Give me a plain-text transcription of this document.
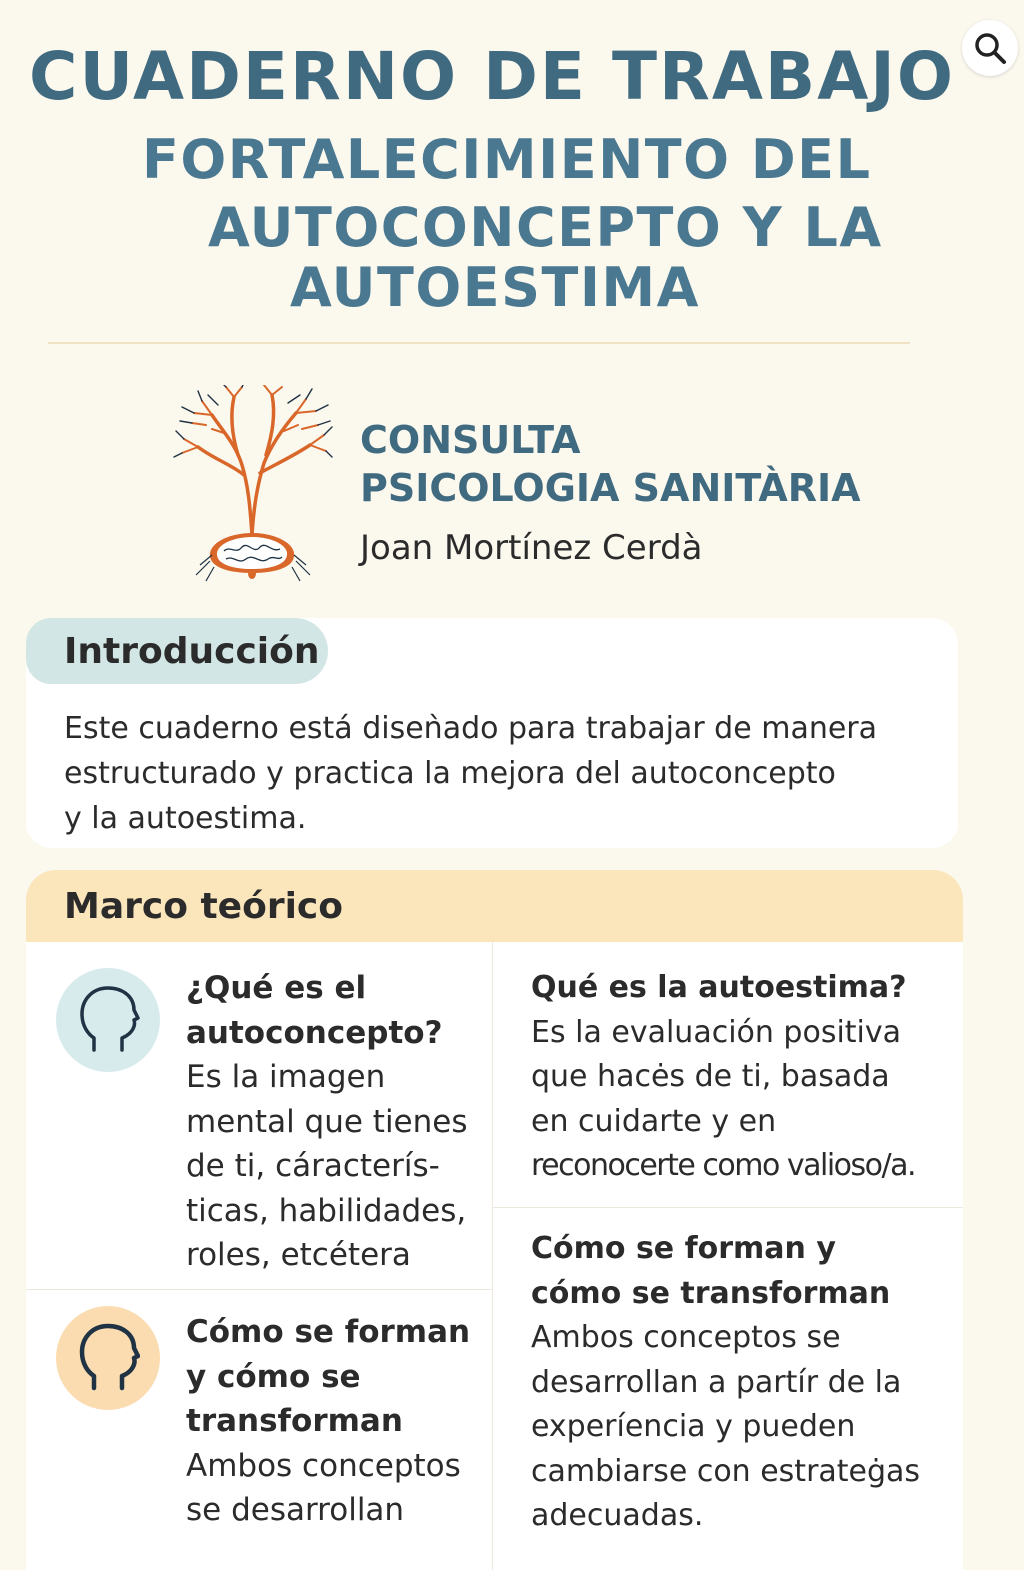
CUADERNO DE TRABAJO

FORTALECIMIENTO DEL

AUTOCONCEPTO Y LA

AUTOESTIMA

CONSULTA

PSICOLOGIA SANITÀRIA

Joan Mortínez Cerdà

Introducción

Este cuaderno está diseǹado para trabajar de manera
estructurado y practica la mejora del autoconcepto
y la autoestima.

Marco teórico
¿Qué es el
autoconcepto?
Es la imagen
mental que tienes
de ti, cáracterís-
ticas, habilidades,
roles, etcétera
Cómo se forman
y cómo se
transforman
Ambos conceptos
se desarrollan
Qué es la autoestima?
Es la evaluación positiva
que hacės de ti, basada
en cuidarte y en
reconocerte como valioso/a.
Cómo se forman y
cómo se transforman
Ambos conceptos se
desarrollan a partír de la
experíencia y pueden
cambiarse con estrateġas
adecuadas.
